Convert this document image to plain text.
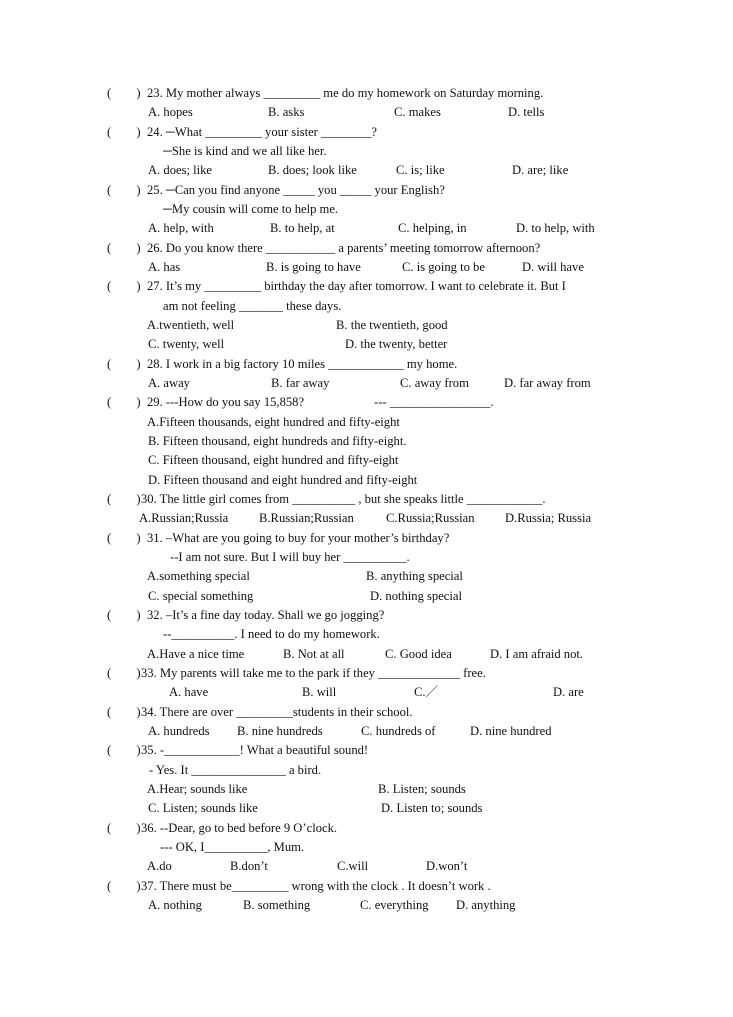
(        ) 23. My mother always _________ me do my homework on Saturday morning.
A. hopes	B. asks	C. makes	D. tells
(        ) 24. ─What _________ your sister ________?
─She is kind and we all like her.
A. does; like	B. does; look like	C. is; like	D. are; like
(        ) 25. ─Can you find anyone _____ you _____ your English?
─My cousin will come to help me.
A. help, with	B. to help, at	C. helping, in	D. to help, with
(        ) 26. Do you know there ___________ a parents’ meeting tomorrow afternoon?
A. has	B. is going to have	C. is going to be	D. will have
(        ) 27. It’s my _________ birthday the day after tomorrow. I want to celebrate it. But I
am not feeling _______ these days.
A.twentieth, well	B. the twentieth, good
C. twenty, well	D. the twenty, better
(        ) 28. I work in a big factory 10 miles ____________ my home.
A. away	B. far away	C. away from	D. far away from
(        ) 29. ---How do you say 15,858?	--- ________________.
A.Fifteen thousands, eight hundred and fifty-eight
B. Fifteen thousand, eight hundreds and fifty-eight.
C. Fifteen thousand, eight hundred and fifty-eight
D. Fifteen thousand and eight hundred and fifty-eight
(        ) 30. The little girl comes from __________ , but she speaks little ____________.
A.Russian;Russia B.Russian;Russian	C.Russia;Russian D.Russia; Russia
(        ) 31. –What are you going to buy for your mother’s birthday?
--I am not sure. But I will buy her __________.
A.something special	B. anything special
C. special something	D. nothing special
(        ) 32. –It’s a fine day today. Shall we go jogging?
--__________. I need to do my homework.
A.Have a nice time	B. Not at all	C. Good idea	D. I am afraid not.
(        ) 33. My parents will take me to the park if they _____________ free.
A. have	B. will	C.／	D. are
(        ) 34. There are over _________students in their school.
A. hundreds B. nine hundreds	C. hundreds of	D. nine hundred
(        ) 35. -____________! What a beautiful sound!
- Yes. It _______________ a bird.
A.Hear; sounds like	B. Listen; sounds
C. Listen; sounds like	D. Listen to; sounds
(        ) 36. --Dear, go to bed before 9 O’clock.
--- OK, I__________, Mum.
A.do	B.don’t	C.will	D.won’t
(        ) 37. There must be_________ wrong with the clock . It doesn’t work .
A. nothing	B. something	C. everything D. anything
